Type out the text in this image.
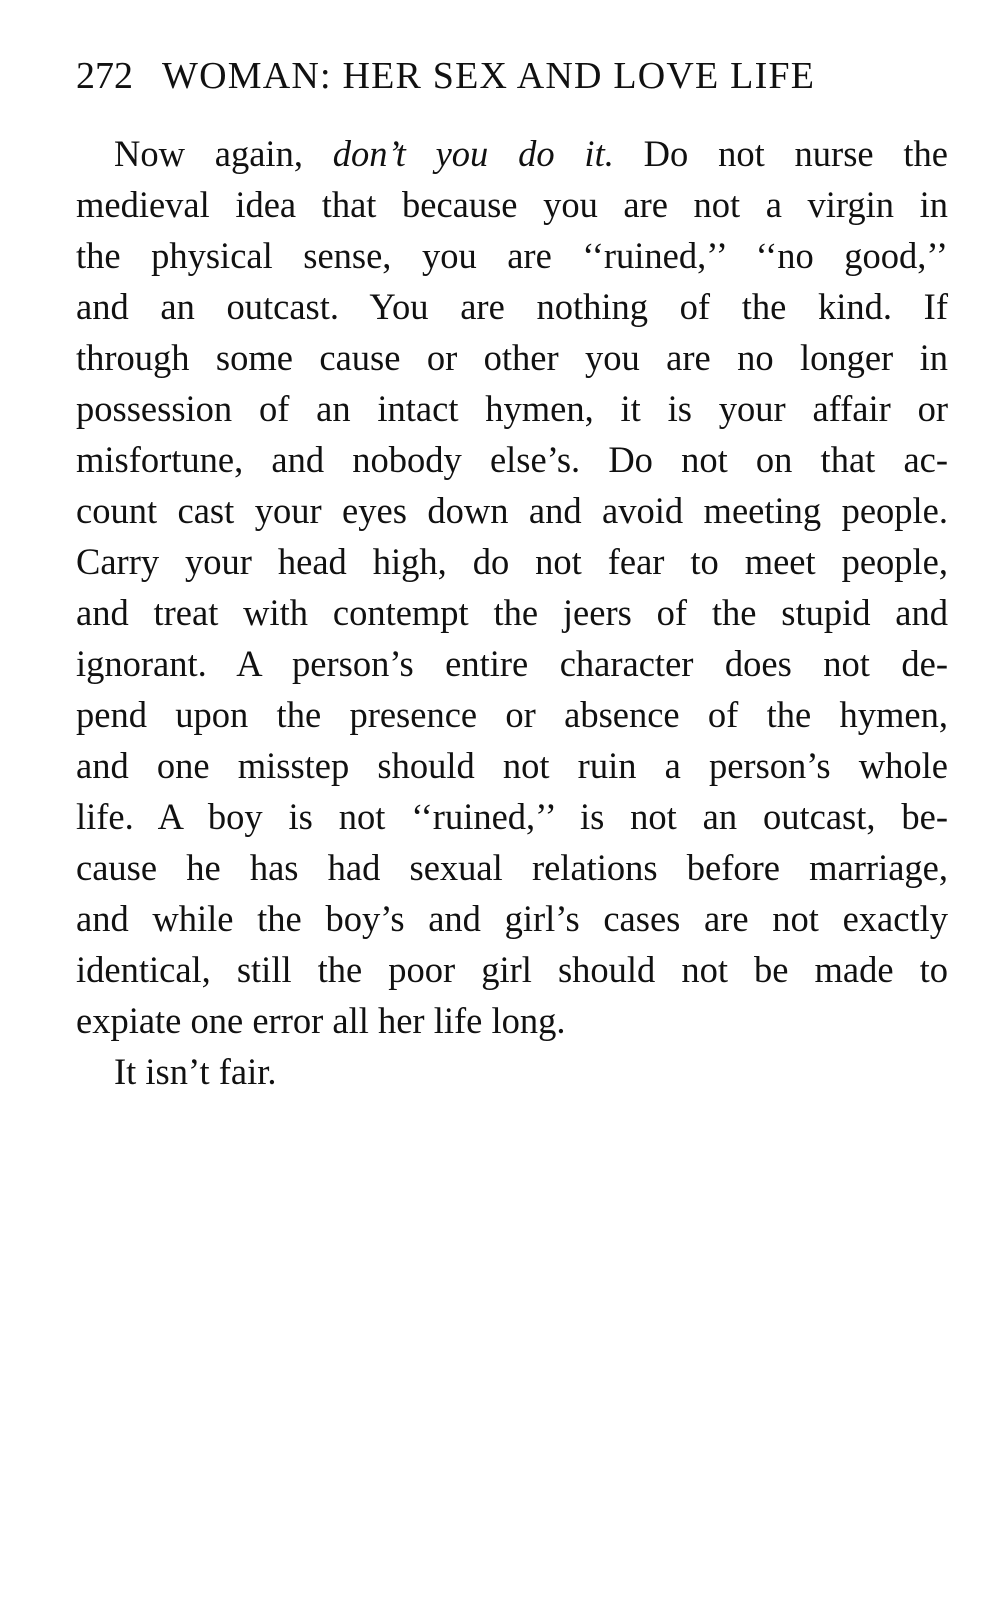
272 WOMAN: HER SEX AND LOVE LIFE
Now again, don’t you do it. Do not nurse the
medieval idea that because you are not a virgin in
the physical sense, you are ‘‘ruined,’’ ‘‘no good,’’
and an outcast. You are nothing of the kind. If
through some cause or other you are no longer in
possession of an intact hymen, it is your affair or
misfortune, and nobody else’s. Do not on that ac-
count cast your eyes down and avoid meeting people.
Carry your head high, do not fear to meet people,
and treat with contempt the jeers of the stupid and
ignorant. A person’s entire character does not de-
pend upon the presence or absence of the hymen,
and one misstep should not ruin a person’s whole
life. A boy is not ‘‘ruined,’’ is not an outcast, be-
cause he has had sexual relations before marriage,
and while the boy’s and girl’s cases are not exactly
identical, still the poor girl should not be made to
expiate one error all her life long.
It isn’t fair.
